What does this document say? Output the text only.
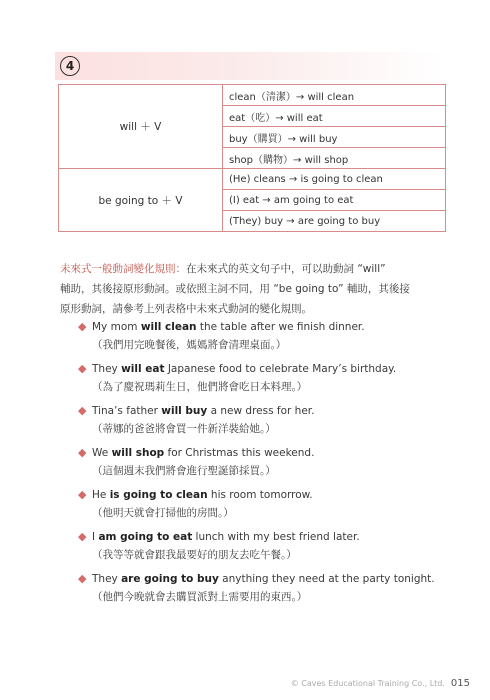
4
will ＋ V	clean（清潔）→ will clean
	eat（吃）→ will eat
	buy（購買）→ will buy
	shop（購物）→ will shop
be going to ＋ V	(He) cleans → is going to clean
	(I) eat → am going to eat
	(They) buy → are going to buy
未來式一般動詞變化規則：在未來式的英文句子中，可以助動詞 “will”
輔助，其後接原形動詞。或依照主詞不同，用 “be going to” 輔助，其後接
原形動詞，請參考上列表格中未來式動詞的變化規則。
◆ My mom will clean the table after we finish dinner.
（我們用完晚餐後，媽媽將會清理桌面。）
◆ They will eat Japanese food to celebrate Mary’s birthday.
（為了慶祝瑪莉生日，他們將會吃日本料理。）
◆ Tina’s father will buy a new dress for her.
（蒂娜的爸爸將會買一件新洋裝給她。）
◆ We will shop for Christmas this weekend.
（這個週末我們將會進行聖誕節採買。）
◆ He is going to clean his room tomorrow.
（他明天就會打掃他的房間。）
◆ I am going to eat lunch with my best friend later.
（我等等就會跟我最要好的朋友去吃午餐。）
◆ They are going to buy anything they need at the party tonight.
（他們今晚就會去購買派對上需要用的東西。）
© Caves Educational Training Co., Ltd. 015
